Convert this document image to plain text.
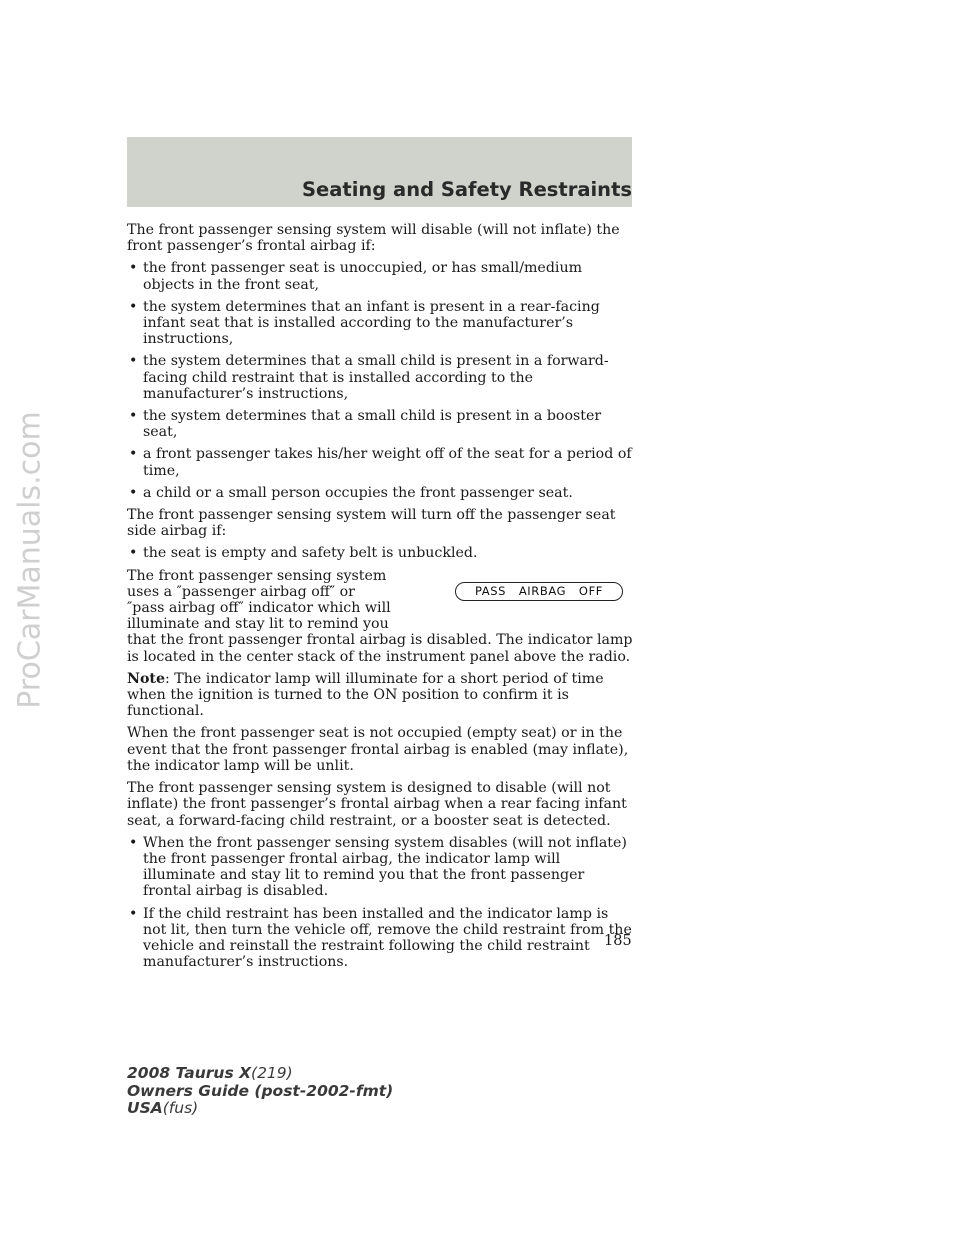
Seating and Safety Restraints

The front passenger sensing system will disable (will not inflate) the front passenger’s frontal airbag if:

• the front passenger seat is unoccupied, or has small/medium objects in the front seat,
• the system determines that an infant is present in a rear-facing infant seat that is installed according to the manufacturer’s instructions,
• the system determines that a small child is present in a forward-facing child restraint that is installed according to the manufacturer’s instructions,
• the system determines that a small child is present in a booster seat,
• a front passenger takes his/her weight off of the seat for a period of time,
• a child or a small person occupies the front passenger seat.

The front passenger sensing system will turn off the passenger seat side airbag if:

• the seat is empty and safety belt is unbuckled.
PASS   AIRBAG   OFF

The front passenger sensing system uses a ″passenger airbag off″ or ″pass airbag off″ indicator which will illuminate and stay lit to remind you that the front passenger frontal airbag is disabled. The indicator lamp is located in the center stack of the instrument panel above the radio.

Note: The indicator lamp will illuminate for a short period of time when the ignition is turned to the ON position to confirm it is functional.

When the front passenger seat is not occupied (empty seat) or in the event that the front passenger frontal airbag is enabled (may inflate), the indicator lamp will be unlit.

The front passenger sensing system is designed to disable (will not inflate) the front passenger’s frontal airbag when a rear facing infant seat, a forward-facing child restraint, or a booster seat is detected.

• When the front passenger sensing system disables (will not inflate) the front passenger frontal airbag, the indicator lamp will illuminate and stay lit to remind you that the front passenger frontal airbag is disabled.
• If the child restraint has been installed and the indicator lamp is not lit, then turn the vehicle off, remove the child restraint from the vehicle and reinstall the restraint following the child restraint manufacturer’s instructions.

185

2008 Taurus X(219)
Owners Guide (post-2002-fmt)
USA(fus)
ProCarManuals.com
